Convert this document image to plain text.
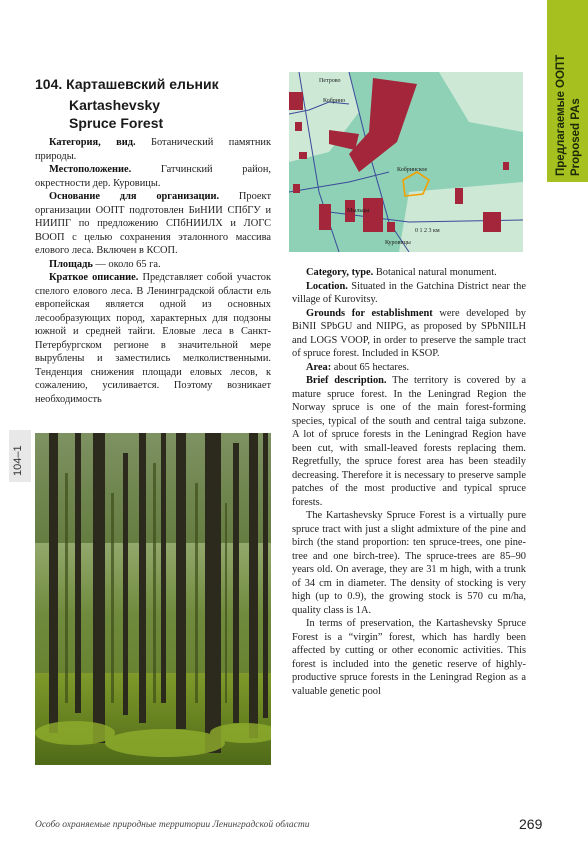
Предлагаемые ООПТ Proposed PAs
104. Карташевский ельник
Kartashevsky
Spruce Forest

Категория, вид. Ботанический памятник природы.

Местоположение. Гатчинский район, окрестности дер. Куровицы.

Основание для организации. Проект организации ООПТ подготовлен БиНИИ СПбГУ и НИИПГ по предложению СПбНИИЛХ и ЛОГС ВООП с целью сохранения эталонного массива елового леса. Включен в КСОП.

Площадь — около 65 га.

Краткое описание. Представляет собой участок спелого елового леса. В Ленинградской области ель европейская является одной из основных лесообразующих пород, характерных для подзоны южной и средней тайги. Еловые леса в Санкт-Петербургском регионе в значительной мере вырублены и заместились мелколиственными. Тенденция снижения площади еловых лесов, к сожалению, усиливается. Поэтому возникает необходимость

104–1
Петрово
Кобрино
Кобринское
Мыльцы
Куровицы
0 1 2 3 км

Category, type. Botanical natural monument.

Location. Situated in the Gatchina District near the village of Kurovitsy.

Grounds for establishment were developed by BiNII SPbGU and NIIPG, as proposed by SPbNIILH and LOGS VOOP, in order to preserve the sample tract of spruce forest. Included in KSOP.

Area: about 65 hectares.

Brief description. The territory is covered by a mature spruce forest. In the Leningrad Region the Norway spruce is one of the main forest-forming species, typical of the south and central taiga subzone. A lot of spruce forests in the Leningrad Region have been cut, with small-leaved forests replacing them. Regretfully, the spruce forest area has been steadily decreasing. Therefore it is necessary to preserve sample patches of the most productive and typical spruce forests.

The Kartashevsky Spruce Forest is a virtually pure spruce tract with just a slight admixture of the pine and birch (the stand proportion: ten spruce-trees, one pine-tree and one birch-tree). The spruce-trees are 85–90 years old. On average, they are 31 m high, with a trunk of 34 cm in diameter. The density of stocking is very high (up to 0.9), the growing stock is 570 cu m/ha, quality class is 1A.

In terms of preservation, the Kartashevsky Spruce Forest is a “virgin” forest, which has hardly been affected by cutting or other economic activities. This forest is included into the genetic reserve of highly-productive spruce forests in the Leningrad Region as a valuable genetic pool

Особо охраняемые природные территории Ленинградской области	269
